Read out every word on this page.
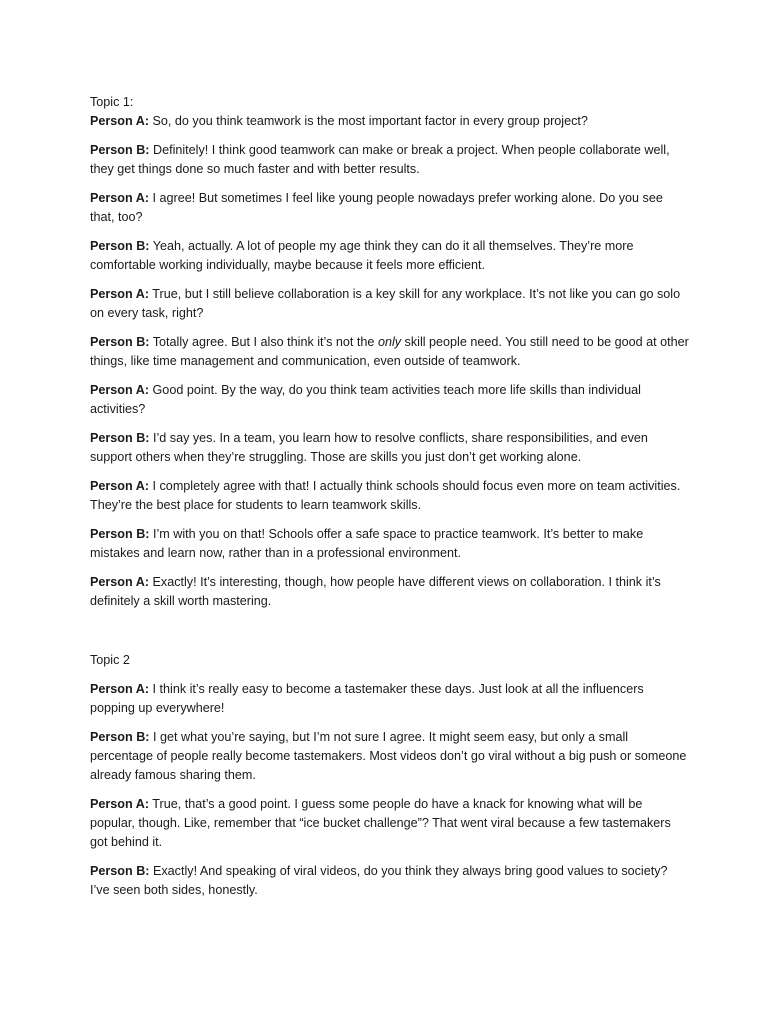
Topic 1:

Person A: So, do you think teamwork is the most important factor in every group project?

Person B: Definitely! I think good teamwork can make or break a project. When people collaborate well, they get things done so much faster and with better results.

Person A: I agree! But sometimes I feel like young people nowadays prefer working alone. Do you see that, too?

Person B: Yeah, actually. A lot of people my age think they can do it all themselves. They’re more comfortable working individually, maybe because it feels more efficient.

Person A: True, but I still believe collaboration is a key skill for any workplace. It’s not like you can go solo on every task, right?

Person B: Totally agree. But I also think it’s not the only skill people need. You still need to be good at other things, like time management and communication, even outside of teamwork.

Person A: Good point. By the way, do you think team activities teach more life skills than individual activities?

Person B: I’d say yes. In a team, you learn how to resolve conflicts, share responsibilities, and even support others when they’re struggling. Those are skills you just don’t get working alone.

Person A: I completely agree with that! I actually think schools should focus even more on team activities. They’re the best place for students to learn teamwork skills.

Person B: I’m with you on that! Schools offer a safe space to practice teamwork. It’s better to make mistakes and learn now, rather than in a professional environment.

Person A: Exactly! It’s interesting, though, how people have different views on collaboration. I think it’s definitely a skill worth mastering.

Topic 2

Person A: I think it’s really easy to become a tastemaker these days. Just look at all the influencers popping up everywhere!

Person B: I get what you’re saying, but I’m not sure I agree. It might seem easy, but only a small percentage of people really become tastemakers. Most videos don’t go viral without a big push or someone already famous sharing them.

Person A: True, that’s a good point. I guess some people do have a knack for knowing what will be popular, though. Like, remember that “ice bucket challenge”? That went viral because a few tastemakers got behind it.

Person B: Exactly! And speaking of viral videos, do you think they always bring good values to society? I’ve seen both sides, honestly.
